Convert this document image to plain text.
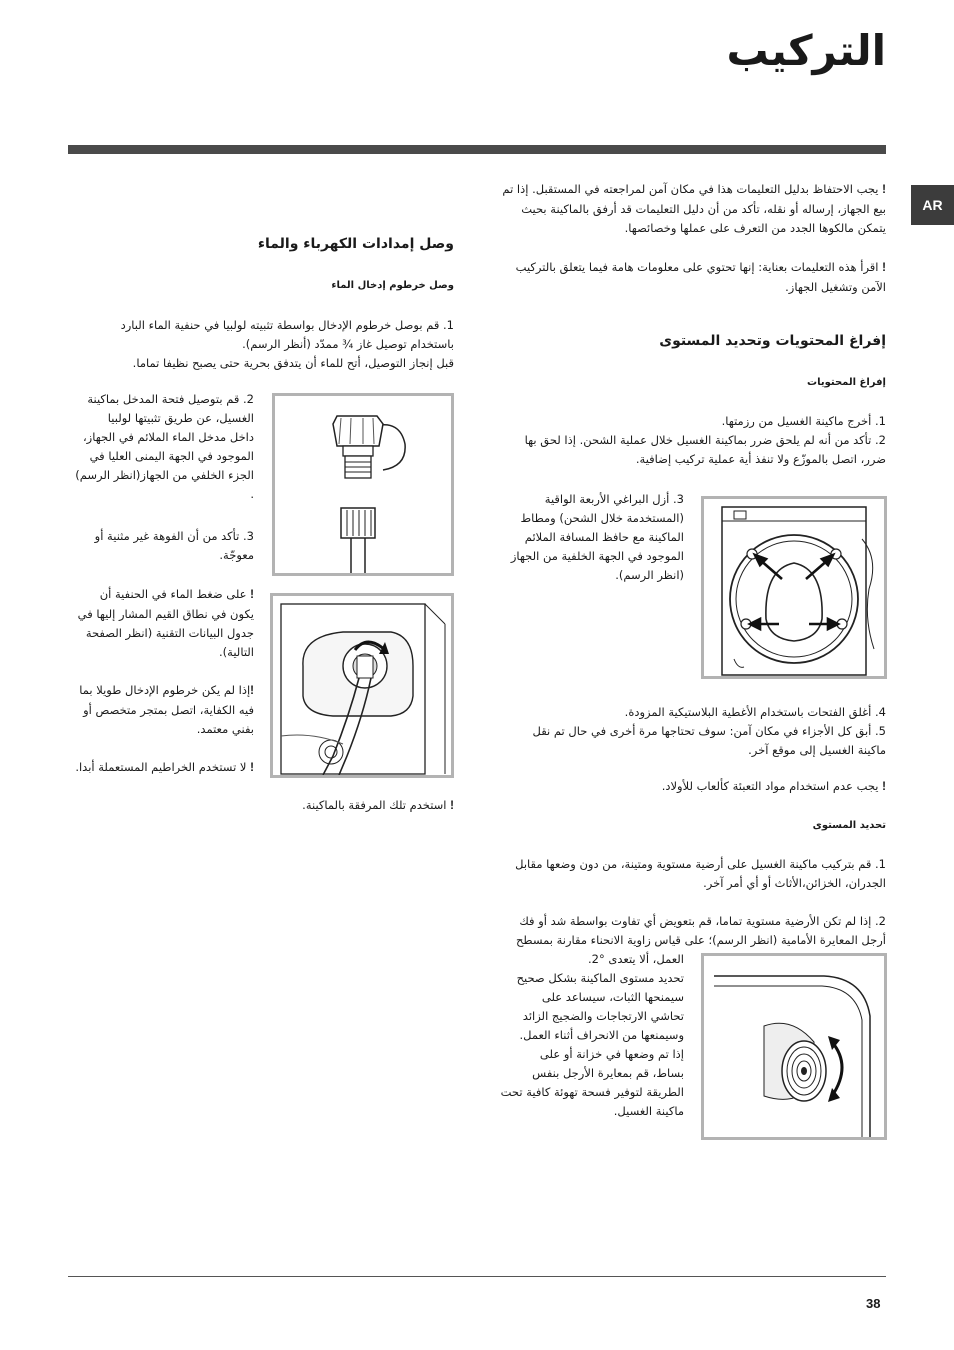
التركيب
AR
! يجب الاحتفاظ بدليل التعليمات هذا في مكان آمن لمراجعته في المستقبل. إذا تم
بيع الجهاز، إرساله أو نقله، تأكد من أن دليل التعليمات قد أرفق بالماكينة بحيث
يتمكن مالكوها الجدد من التعرف على عملها وخصائصها.
! اقرأ هذه التعليمات بعناية: إنها تحتوي على معلومات هامة فيما يتعلق بالتركيب
الآمن وتشغيل الجهاز.
إفراغ المحتويات وتحديد المستوى
إفراغ المحتويات
1. أخرج ماكينة الغسيل من رزمتها.
2. تأكد من أنه لم يلحق ضرر بماكينة الغسيل خلال عملية الشحن. إذا لحق بها
ضرر، اتصل بالموزّع ولا تنفذ أية عملية تركيب إضافية.
3. أزل البراغي الأربعة الواقية
(المستخدمة خلال الشحن) ومطاط
الماكينة مع حافظ المسافة الملائم
الموجود في الجهة الخلفية من الجهاز
(انظر الرسم).
4. أغلق الفتحات باستخدام الأغطية البلاستيكية المزودة.
5. أبق كل الأجزاء في مكان آمن: سوف تحتاجها مرة أخرى في حال تم نقل
ماكينة الغسيل إلى موقع آخر.
! يجب عدم استخدام مواد التعبئة كألعاب للأولاد.
تحديد المستوى
1. قم بتركيب ماكينة الغسيل على أرضية مستوية ومتينة، من دون وضعها مقابل
الجدران، الخزائن،الأثاث أو أي أمر آخر.
2. إذا لم تكن الأرضية مستوية تماما، قم بتعويض أي تفاوت بواسطة شد أو فك
أرجل المعايرة الأمامية (انظر الرسم)؛ على قياس زاوية الانحناء مقارنة بمسطح
العمل، ألا يتعدى °2.
تحديد مستوى الماكينة بشكل صحيح
سيمنحها الثبات، سيساعد على
تحاشي الارتجاجات والضجيج الزائد
وسيمنعها من الانحراف أثناء العمل.
إذا تم وضعها في خزانة أو على
بساط، قم بمعايرة الأرجل بنفس
الطريقة لتوفير فسحة تهوئة كافية تحت
ماكينة الغسيل.
وصل إمدادات الكهرباء والماء
وصل خرطوم إدخال الماء
1. قم بوصل خرطوم الإدخال بواسطة تثبيته لولبيا في حنفية الماء البارد
باستخدام توصيل غاز ¾ ممدّد (أنظر الرسم).
قبل إنجاز التوصيل، أتح للماء أن يتدفق بحرية حتى يصبح نظيفا تماما.
2. قم بتوصيل فتحة المدخل بماكينة
الغسيل، عن طريق تثبيتها لولبيا
داخل مدخل الماء الملائم في الجهاز،
الموجود في الجهة اليمنى العليا في
الجزء الخلفي من الجهاز(انظر الرسم)
.
3. تأكد من أن الفوهة غير مثنية أو
معوجّة.
! على ضغط الماء في الحنفية أن
يكون في نطاق القيم المشار إليها في
جدول البيانات التقنية (انظر الصفحة
التالية).
!إذا لم يكن خرطوم الإدخال طويلا بما
فيه الكفاية، اتصل بمتجر متخصص أو
بفني معتمد.
! لا تستخدم الخراطيم المستعملة أبدا.
! استخدم تلك المرفقة بالماكينة.
38
